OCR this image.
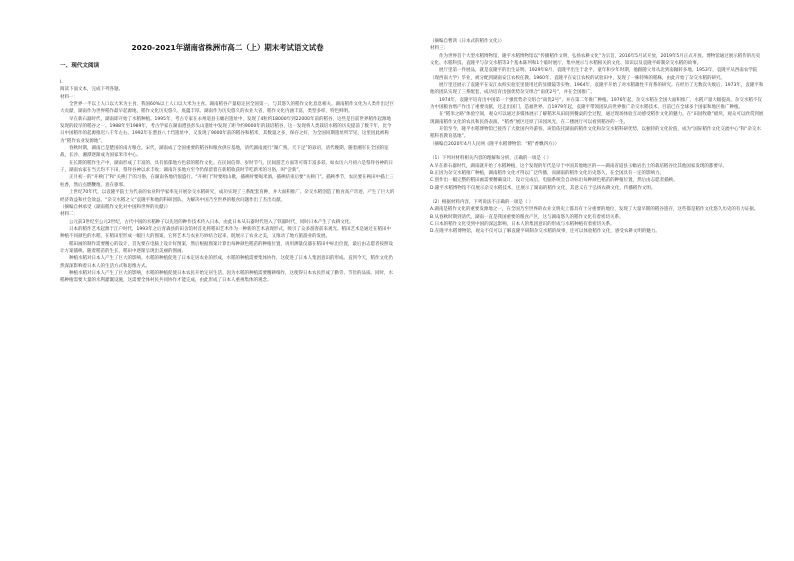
2020-2021年湖南省株洲市高二（上）期末考试语文试卷
一、现代文阅读
I.
阅读下面文本，完成下列各题。
材料一：
全世界一半以上人口以大米为主食，我国60%以上人口以大米为主食。湖南稻谷产量稳定居全国第一，与其悠久的稻作文化息息相关。湖南稻作文化为人类作出过巨大贡献，湖南作为世界稻作最早起源地，稻作文化历史悠久、底蕴丰厚。湖南作为历史悠久的农业大省，稻作文化内涵丰富，类型多样，特色鲜明。
早在新石器时代，湖南即开始了水稻种植。1995年，考古专家在永州道县玉蟾岩遗址中，发现了4粒约18000年到22000年前的稻谷，这些是目前世界稻作起源地发现的较早的稻谷之一。1988年至1989年，考古学家在湖南澧县彭头山遗址中发现了距今约9000年的栽培稻谷，这一发现将人类栽培水稻的历史提前了数千年，比今日中国稻作的起源推迟八千年左右。1992年在澧县八十垱遗址中，又发现了9000年前的稻谷和稻米，其数量之多，保存之好，为全国同期遗址所罕见，这里因此被称为“稻作农业发源地”。
春秋时期，湖南已是楚国的南方粮仓。宋代，湖南成了全国重要的稻谷和粮食供应基地，清代湖南流行“湖广熟，天下足”的谚语，清代晚期，随着湘军在全国的征战，长沙、湘潭逐渐成为国家米市中心。
在长期的稻作生产中，湖南形成了丰富的、具有浓郁地方色彩的稻作文化。在民间信仰、岁时节气、民间游艺方面等可谓丰富多彩。如农历六月初六是祭拜谷神的日子，湖南农家在当天均不下田，祭拜谷神以求丰收；湖南许多地方至今仍保留着在新稻收获时节吃新米的习俗，叫“尝新”。
正月初一的“开秧门”和“关秧门”的习俗，在湖南各地仍很盛行。“开秧门”时要唱山歌，插秧时要喝米酒，插秧结束后要“关秧门”。插秧季节，农民要在秧田中插上三柱香，然后点燃鞭炮，意在驱邪。
上世纪70年代，以袁隆平院士为代表的农业科学家率先开展杂交水稻研究，成功实现了三系配套育种，并大面积推广。杂交水稻创造了粮食高产奇迹，产生了巨大的经济效益和社会效益。“杂交水稻之父”袁隆平和他的科研团队，为解决中国乃至世界的粮食问题作出了杰出贡献。
（摘编自林承受《湖南稻作文化对中国和世界的贡献》）
材料二：
公元前3世纪至公元2世纪，古代中国的水稻种子以先进的种作技术传入日本，由此日本从石器时代进入了铁器时代，同时日本产生了农耕文化。
日本的稻作艺术起源于江户时代，1993年之后青森县的田舍馆村首先将稻田艺术作为一种新的艺术表现形式，吸引了众多游客前来观光。稻田艺术是通过在稻田中种植不同颜色的水稻，在稻田里形成一幅巨大的图案，它将艺术与农业巧妙结合起来，既展示了农业之美，又推动了地方旅游业的发展。
稻田画的制作需要精心的设计，首先要在电脑上设计好图案，然后根据图案计算出每种颜色稻苗的种植位置，再用测量仪器在稻田中标出位置，最后由志愿者按照设计方案插秧。随着稻苗的生长，稻田中逐渐呈现出美丽的图画。
种植水稻对日本人产生了巨大的影响。水稻的种植促进了日本定居农业的形成，水稻的种植需要集体协作，这促进了日本人集团意识的形成。直到今天，稻作文化仍然深深影响着日本人的生活方式和思维方式。
种植水稻对日本人产生了巨大的影响，水稻的种植促使日本农民开始定居生活。因为水稻的种植需要精耕细作，这使得日本农民形成了勤劳、节俭的品质。同时，水稻种植需要大量的水利灌溉设施，这需要全体村民共同协作才能完成，由此形成了日本人重视集体的观念。
（摘编自曹鸿《日本式的稻作文化》）
材料三：
作为世界首个大型水稻博物馆，隆平水稻博物馆以“传播稻作文明，弘扬农耕文化”为宗旨，2016年5月试开放，2019年5月正式开放。博物馆通过展示稻作的历史文化、水稻科技、袁隆平与杂交水稻等3个基本陈列和1个临时展厅，集中展示与水稻相关的文化、知识以及袁隆平研制杂交水稻的故事。
展厅里第一件展品，就是袁隆平的出生证明。1929年8月，袁隆平出生于北平，童年和少年时期，他跟随父母从北到南辗转多地。1953年，袁隆平从西南农学院（现西南大学）毕业，被分配到湖南安江农校任教。1960年，袁隆平在安江农校的试验田中，发现了一株特殊的稻株，由此开始了杂交水稻的研究。
展厅里还展示了袁隆平在安江农校实验室里使用过的显微镜等实物。1964年，袁隆平开始了对水稻雄性不育系的研究。在经历了无数次失败后，1973年，袁隆平和他的团队实现了三系配套，成功培育出强优势杂交组合“南优2号”，并在全国推广。
1974年，袁隆平培育出中国第一个强优势杂交组合“南优2号”，并在第二年推广种植。1976年起，杂交水稻在全国大面积推广，水稻产量大幅提高。杂交水稻不仅为中国粮食增产作出了重要贡献，还走出国门，造福世界。自1979年起，袁隆平带领团队向世界推广杂交水稻技术，目前已在全球多个国家和地区推广种植。
在“稻米之路”体验空间，观众可以通过多媒体展示了解稻米从田间到餐桌的全过程，通过现场体验互动感受稻作文化的魅力。在“田园牧歌”板块，观众可以欣赏到展现湖南稻作文化的农具和民俗表演，“稻香”展区还原了田园风光，在二楼展厅可以看到稻谷的一生。
开馆至今，隆平水稻博物馆已接待了大批国内外游客。该馆依托湖南的稻作文化和杂交水稻科研优势，以独特的文化价值，成为“国际稻作文化交流中心”和“杂交水稻科普教育基地”。
（摘编自2020年4月人民网《隆平水稻博物馆：“稻”香飘四方》）
（1）下列对材料相关内容的理解和分析，正确的一项是（ ）
A.早在新石器时代，湖南就开始了水稻种植，这个发现的年代是早于中国其他地区的——湖南省道县玉蟾岩出土的栽培稻谷比其他国家发现的都要早。
B.正因为杂交水稻推广种植，湖南稻作文化才得以广泛传播，而湖南的稻作文化历史悠久，在全国具有一定的影响力。
C.创作出一幅完整的稻田画需要精确设计，设计完成后，电脑系统会自动标出每种颜色稻苗的种植位置，然后由志愿者插秧。
D.隆平水稻博物馆不仅展示杂交水稻技术，还展示了湖南的稻作文化，其意义在于弘扬农耕文化，传播稻作文明。
（2）根据材料内容，下列说法不正确的一项是（ ）
A.湖南是稻作文化的重要发源地之一，在全国乃至世界的农业文明史上都具有十分重要的地位，发现了大量早期的稻谷遗存，这些都是稻作文化悠久历史的有力证据。
B.从春秋时期到清代，湖南一直是我国重要的粮食产区，这与湖南悠久的稻作文化有着密切关系。
C.日本的稻作文化受到中国的深远影响，日本人的集团意识的形成与水稻种植有着密切关系。
D.在隆平水稻博物馆，观众不仅可以了解袁隆平研制杂交水稻的故事，还可以体验稻作文化，感受农耕文明的魅力。
